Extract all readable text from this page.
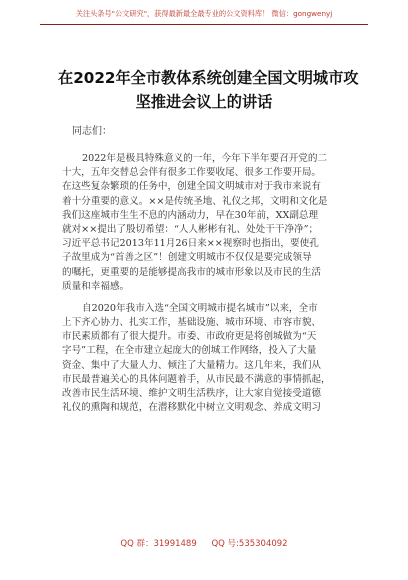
关注头条号"公文研究"，获得最新最全最专业的公文资料库！ 微信：gongwenyj
在2022年全市教体系统创建全国文明城市攻
坚推进会议上的讲话
同志们：
2022年是极具特殊意义的一年，今年下半年要召开党的二
十大，五年交替总会伴有很多工作要收尾、很多工作要开局。
在这些复杂繁琐的任务中，创建全国文明城市对于我市来说有
着十分重要的意义。××是传统圣地、礼仪之邦，文明和文化是
我们这座城市生生不息的内涵动力，早在30年前，XX副总理
就对××提出了殷切希望：“人人彬彬有礼、处处干干净净”；
习近平总书记2013年11月26日来××视察时也指出，要使孔
子故里成为“首善之区”！创建文明城市不仅仅是要完成领导
的嘱托，更重要的是能够提高我市的城市形象以及市民的生活
质量和幸福感。
自2020年我市入选“全国文明城市提名城市”以来，全市
上下齐心协力、扎实工作，基础设施、城市环境、市容市貌、
市民素质都有了很大提升。市委、市政府更是将创城做为“天
字号”工程，在全市建立起庞大的创城工作网络，投入了大量
资金、集中了大量人力、倾注了大量精力。这几年来，我们从
市民最普遍关心的具体问题着手，从市民最不满意的事情抓起，
改善市民生活环境、维护文明生活秩序，让大家自觉接受道德
礼仪的熏陶和规范，在潜移默化中树立文明观念、养成文明习
QQ 群：31991489 QQ 号:535304092
